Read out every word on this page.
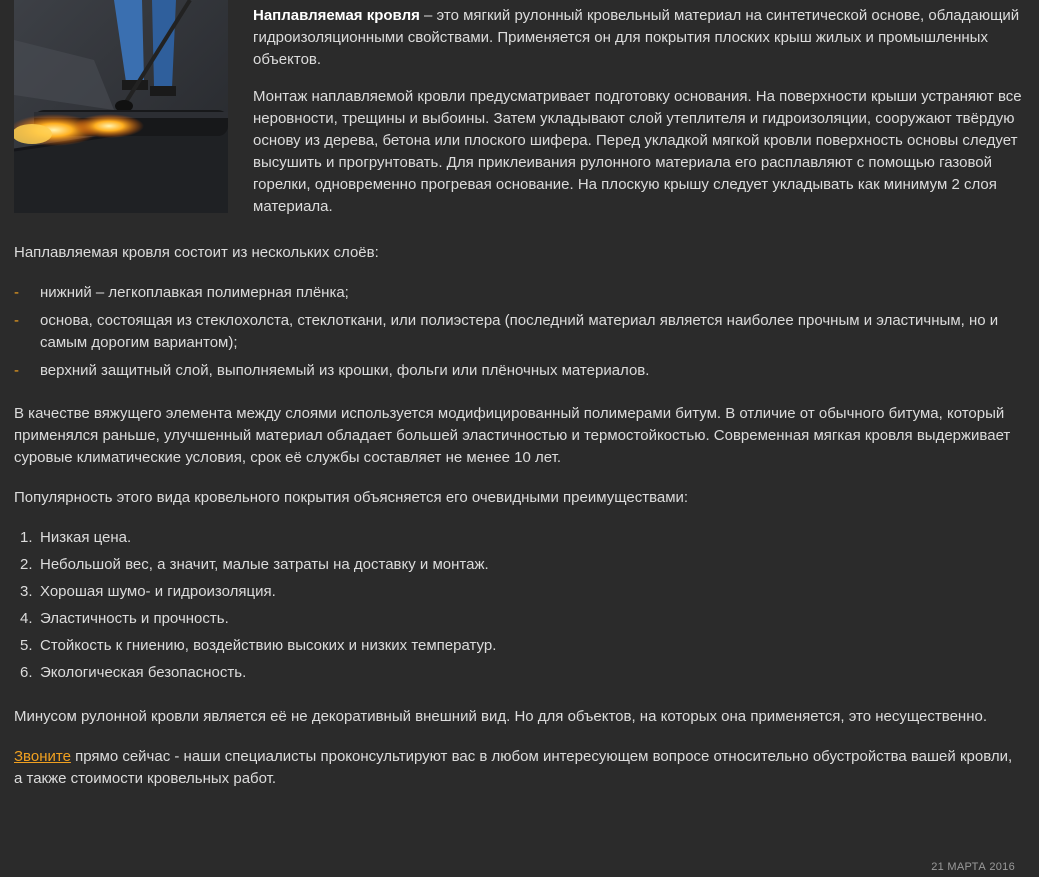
Наплавляемая кровля – это мягкий рулонный кровельный материал на синтетической основе, обладающий гидроизоляционными свойствами. Применяется он для покрытия плоских крыш жилых и промышленных объектов.

Монтаж наплавляемой кровли предусматривает подготовку основания. На поверхности крыши устраняют все неровности, трещины и выбоины. Затем укладывают слой утеплителя и гидроизоляции, сооружают твёрдую основу из дерева, бетона или плоского шифера. Перед укладкой мягкой кровли поверхность основы следует высушить и прогрунтовать. Для приклеивания рулонного материала его расплавляют с помощью газовой горелки, одновременно прогревая основание. На плоскую крышу следует укладывать как минимум 2 слоя материала.

Наплавляемая кровля состоит из нескольких слоёв:

- нижний – легкоплавкая полимерная плёнка;
- основа, состоящая из стеклохолста, стеклоткани, или полиэстера (последний материал является наиболее прочным и эластичным, но и самым дорогим вариантом);
- верхний защитный слой, выполняемый из крошки, фольги или плёночных материалов.

В качестве вяжущего элемента между слоями используется модифицированный полимерами битум. В отличие от обычного битума, который применялся раньше, улучшенный материал обладает большей эластичностью и термостойкостью. Современная мягкая кровля выдерживает суровые климатические условия, срок её службы составляет не менее 10 лет.

Популярность этого вида кровельного покрытия объясняется его очевидными преимуществами:

1. Низкая цена.
2. Небольшой вес, а значит, малые затраты на доставку и монтаж.
3. Хорошая шумо- и гидроизоляция.
4. Эластичность и прочность.
5. Стойкость к гниению, воздействию высоких и низких температур.
6. Экологическая безопасность.

Минусом рулонной кровли является её не декоративный внешний вид. Но для объектов, на которых она применяется, это несущественно.

Звоните прямо сейчас - наши специалисты проконсультируют вас в любом интересующем вопросе относительно обустройства вашей кровли, а также стоимости кровельных работ.

21 МАРТА 2016
